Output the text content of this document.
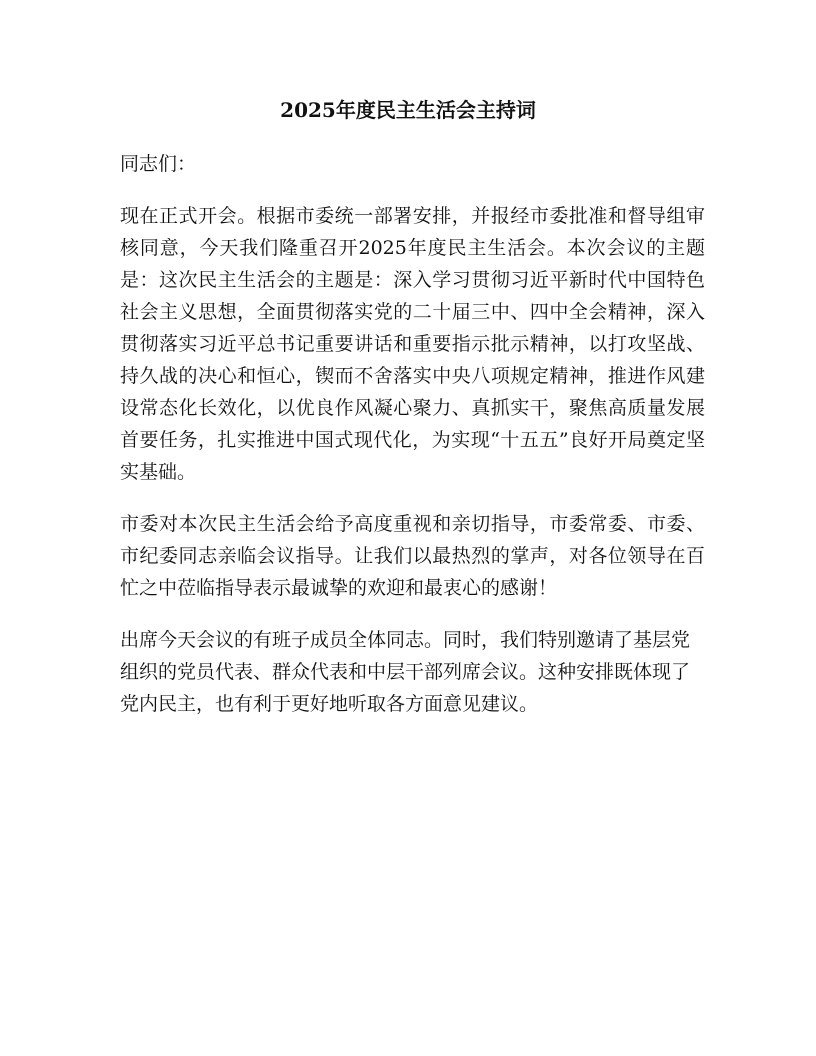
2025年度民主生活会主持词

同志们：

现在正式开会。根据市委统一部署安排，并报经市委批准和督导组审核同意，今天我们隆重召开2025年度民主生活会。本次会议的主题是：这次民主生活会的主题是：深入学习贯彻习近平新时代中国特色社会主义思想，全面贯彻落实党的二十届三中、四中全会精神，深入贯彻落实习近平总书记重要讲话和重要指示批示精神，以打攻坚战、持久战的决心和恒心，锲而不舍落实中央八项规定精神，推进作风建设常态化长效化，以优良作风凝心聚力、真抓实干，聚焦高质量发展首要任务，扎实推进中国式现代化，为实现“十五五”良好开局奠定坚实基础。

市委对本次民主生活会给予高度重视和亲切指导，市委常委、市委、市纪委同志亲临会议指导。让我们以最热烈的掌声，对各位领导在百忙之中莅临指导表示最诚挚的欢迎和最衷心的感谢！

出席今天会议的有班子成员全体同志。同时，我们特别邀请了基层党组织的党员代表、群众代表和中层干部列席会议。这种安排既体现了党内民主，也有利于更好地听取各方面意见建议。
